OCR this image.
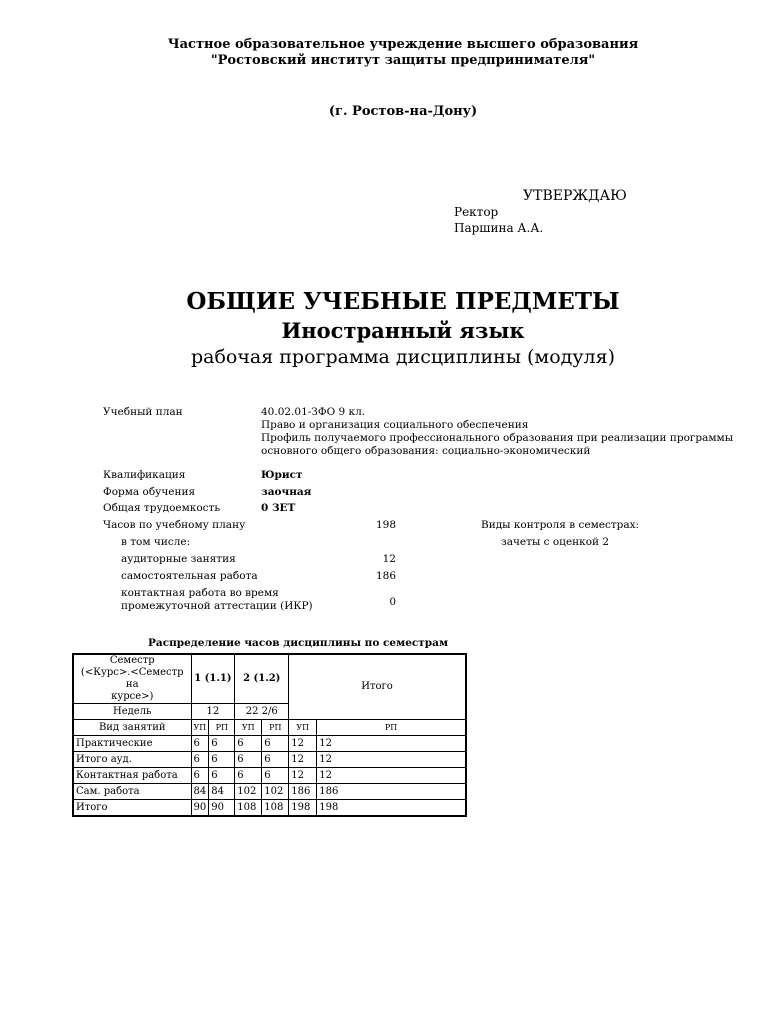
Частное образовательное учреждение высшего образования
"Ростовский институт защиты предпринимателя"
(г. Ростов-на-Дону)
УТВЕРЖДАЮ
Ректор
Паршина А.А.
ОБЩИЕ УЧЕБНЫЕ ПРЕДМЕТЫ
Иностранный язык
рабочая программа дисциплины (модуля)
Учебный план	40.02.01-ЗФО 9 кл.
Право и организация социального обеспечения
Профиль получаемого профессионального образования при реализации программы
основного общего образования: социально-экономический
Квалификация	Юрист
Форма обучения	заочная
Общая трудоемкость	0 ЗЕТ
Часов по учебному плану	198	Виды контроля в семестрах:
в том числе:	зачеты с оценкой 2
аудиторные занятия	12
самостоятельная работа	186
контактная работа во время
промежуточной аттестации (ИКР)	0
Распределение часов дисциплины по семестрам
Семестр
(<Курс>.<Семестр на
курсе>)	1 (1.1)		2 (1.2)		Итого	
Недель	12		22 2/6			
Вид занятий	УП	РП	УП	РП	УП	РП
Практические	6	6	6	6	12	12
Итого ауд.	6	6	6	6	12	12
Контактная работа	6	6	6	6	12	12
Сам. работа	84	84	102	102	186	186
Итого	90	90	108	108	198	198
